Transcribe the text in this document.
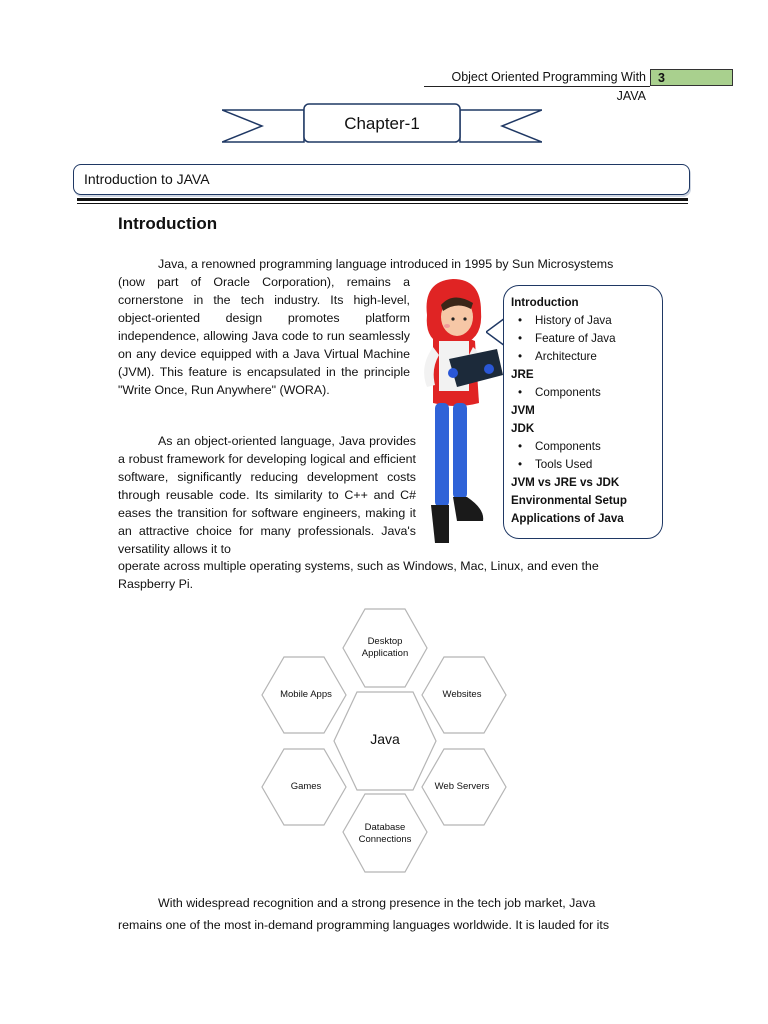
Object Oriented Programming With JAVA
3
Chapter-1
Introduction to JAVA
Introduction
Java, a renowned programming language introduced in 1995 by Sun Microsystems

(now part of Oracle Corporation), remains a cornerstone in the tech industry. Its high-level, object-oriented design promotes platform independence, allowing Java code to run seamlessly on any device equipped with a Java Virtual Machine (JVM). This feature is encapsulated in the principle "Write Once, Run Anywhere" (WORA).

As an object-oriented language, Java provides a robust framework for developing logical and efficient software, significantly reducing development costs through reusable code. Its similarity to C++ and C# eases the transition for software engineers, making it an attractive choice for many professionals. Java's versatility allows it to

operate across multiple operating systems, such as Windows, Mac, Linux, and even the Raspberry Pi.
Introduction
• History of Java
• Feature of Java
• Architecture
JRE
• Components
JVM
JDK
• Components
• Tools Used
JVM vs JRE vs JDK
Environmental Setup
Applications of Java
Desktop
Application
Mobile Apps	Websites
Java
Games	Web Servers
Database
Connections

With widespread recognition and a strong presence in the tech job market, Java

remains one of the most in-demand programming languages worldwide. It is lauded for its
